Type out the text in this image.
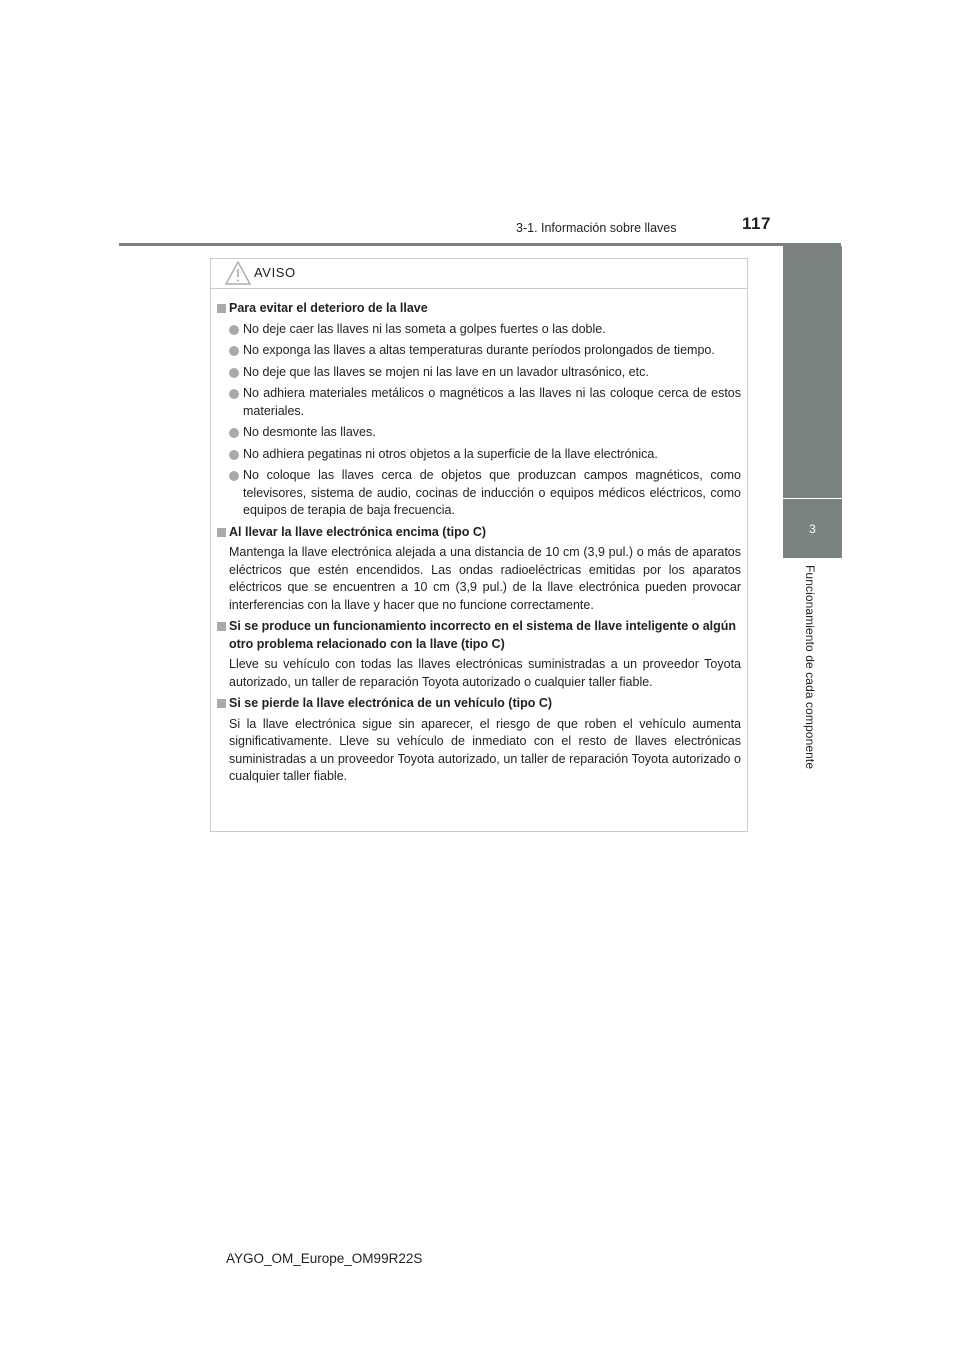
3-1. Información sobre llaves	117
3
Funcionamiento de cada componente
AVISO
Para evitar el deterioro de la llave
No deje caer las llaves ni las someta a golpes fuertes o las doble.
No exponga las llaves a altas temperaturas durante períodos prolongados de tiempo.
No deje que las llaves se mojen ni las lave en un lavador ultrasónico, etc.
No adhiera materiales metálicos o magnéticos a las llaves ni las coloque cerca de estos materiales.
No desmonte las llaves.
No adhiera pegatinas ni otros objetos a la superficie de la llave electrónica.
No coloque las llaves cerca de objetos que produzcan campos magnéticos, como televisores, sistema de audio, cocinas de inducción o equipos médicos eléctricos, como equipos de terapia de baja frecuencia.
Al llevar la llave electrónica encima (tipo C)
Mantenga la llave electrónica alejada a una distancia de 10 cm (3,9 pul.) o más de aparatos eléctricos que estén encendidos. Las ondas radioeléctricas emitidas por los aparatos eléctricos que se encuentren a 10 cm (3,9 pul.) de la llave electrónica pueden provocar interferencias con la llave y hacer que no funcione correctamente.
Si se produce un funcionamiento incorrecto en el sistema de llave inteligente o algún otro problema relacionado con la llave (tipo C)
Lleve su vehículo con todas las llaves electrónicas suministradas a un proveedor Toyota autorizado, un taller de reparación Toyota autorizado o cualquier taller fiable.
Si se pierde la llave electrónica de un vehículo (tipo C)
Si la llave electrónica sigue sin aparecer, el riesgo de que roben el vehículo aumenta significativamente. Lleve su vehículo de inmediato con el resto de llaves electrónicas suministradas a un proveedor Toyota autorizado, un taller de reparación Toyota autorizado o cualquier taller fiable.
AYGO_OM_Europe_OM99R22S
